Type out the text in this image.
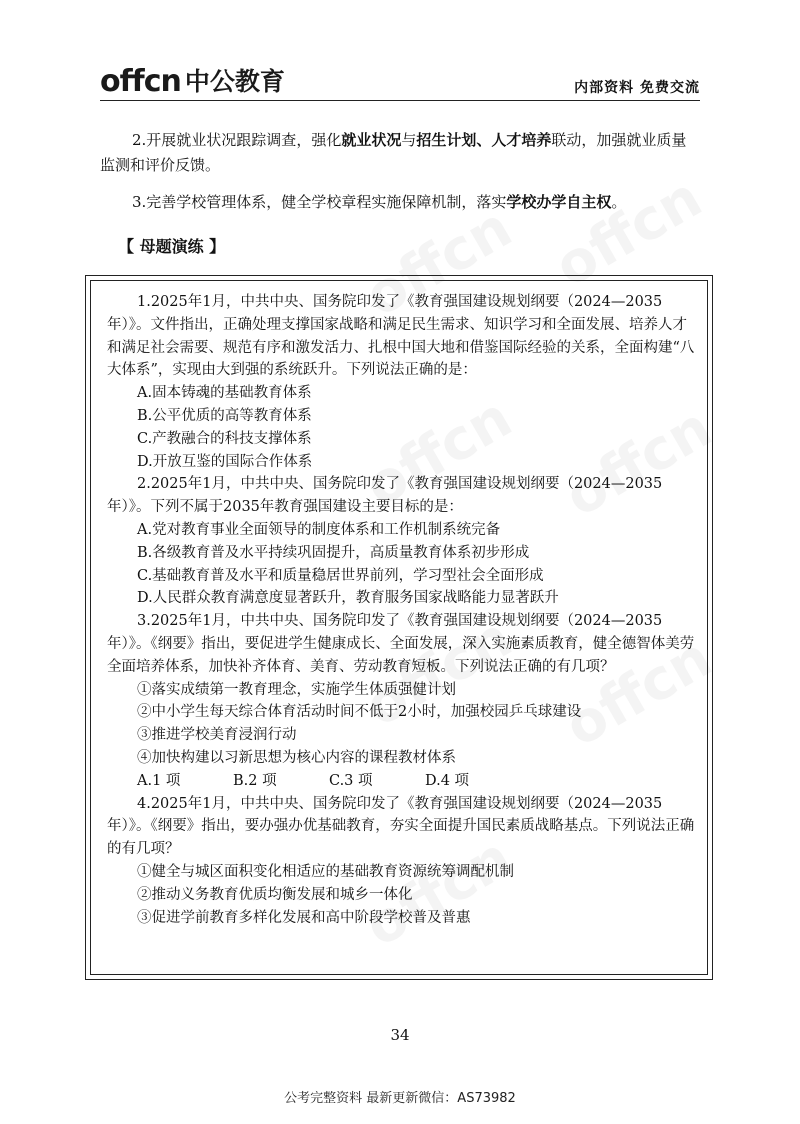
offcn 中公教育	内部资料 免费交流

2.开展就业状况跟踪调查，强化就业状况与招生计划、人才培养联动，加强就业质量监测和评价反馈。

3.完善学校管理体系，健全学校章程实施保障机制，落实学校办学自主权。

【 母题演练 】

1.2025年1月，中共中央、国务院印发了《教育强国建设规划纲要（2024—2035年）》。文件指出，正确处理支撑国家战略和满足民生需求、知识学习和全面发展、培养人才和满足社会需要、规范有序和激发活力、扎根中国大地和借鉴国际经验的关系，全面构建“八大体系”，实现由大到强的系统跃升。下列说法正确的是：

A.固本铸魂的基础教育体系

B.公平优质的高等教育体系

C.产教融合的科技支撑体系

D.开放互鉴的国际合作体系

2.2025年1月，中共中央、国务院印发了《教育强国建设规划纲要（2024—2035年）》。下列不属于2035年教育强国建设主要目标的是：

A.党对教育事业全面领导的制度体系和工作机制系统完备

B.各级教育普及水平持续巩固提升，高质量教育体系初步形成

C.基础教育普及水平和质量稳居世界前列，学习型社会全面形成

D.人民群众教育满意度显著跃升，教育服务国家战略能力显著跃升

3.2025年1月，中共中央、国务院印发了《教育强国建设规划纲要（2024—2035年）》。《纲要》指出，要促进学生健康成长、全面发展，深入实施素质教育，健全德智体美劳全面培养体系，加快补齐体育、美育、劳动教育短板。下列说法正确的有几项？

①落实成绩第一教育理念，实施学生体质强健计划

②中小学生每天综合体育活动时间不低于2小时，加强校园乒乓球建设

③推进学校美育浸润行动

④加快构建以习新思想为核心内容的课程教材体系

A.1 项	B.2 项	C.3 项	D.4 项

4.2025年1月，中共中央、国务院印发了《教育强国建设规划纲要（2024—2035年）》。《纲要》指出，要办强办优基础教育，夯实全面提升国民素质战略基点。下列说法正确的有几项？

①健全与城区面积变化相适应的基础教育资源统筹调配机制

②推动义务教育优质均衡发展和城乡一体化

③促进学前教育多样化发展和高中阶段学校普及普惠

34
公考完整资料 最新更新微信：AS73982
